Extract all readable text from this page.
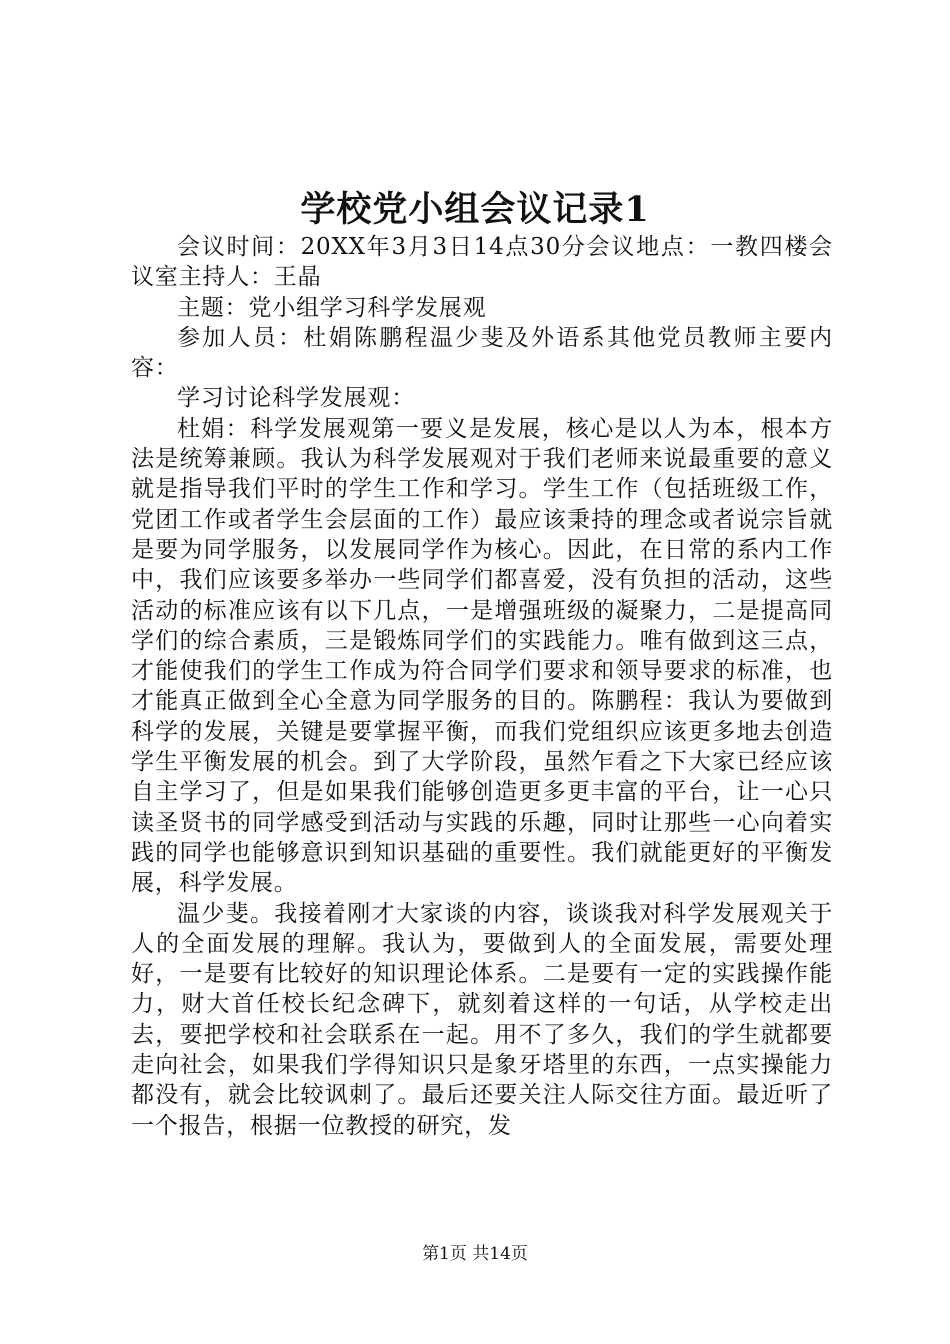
学校党小组会议记录1

会议时间：20XX年3月3日14点30分会议地点：一教四楼会议室主持人：王晶

主题：党小组学习科学发展观

参加人员：杜娟陈鹏程温少斐及外语系其他党员教师主要内容：

学习讨论科学发展观：

杜娟：科学发展观第一要义是发展，核心是以人为本，根本方法是统筹兼顾。我认为科学发展观对于我们老师来说最重要的意义就是指导我们平时的学生工作和学习。学生工作（包括班级工作，党团工作或者学生会层面的工作）最应该秉持的理念或者说宗旨就是要为同学服务，以发展同学作为核心。因此，在日常的系内工作中，我们应该要多举办一些同学们都喜爱，没有负担的活动，这些活动的标准应该有以下几点，一是增强班级的凝聚力，二是提高同学们的综合素质，三是锻炼同学们的实践能力。唯有做到这三点，才能使我们的学生工作成为符合同学们要求和领导要求的标准，也才能真正做到全心全意为同学服务的目的。陈鹏程：我认为要做到科学的发展，关键是要掌握平衡，而我们党组织应该更多地去创造学生平衡发展的机会。到了大学阶段，虽然乍看之下大家已经应该自主学习了，但是如果我们能够创造更多更丰富的平台，让一心只读圣贤书的同学感受到活动与实践的乐趣，同时让那些一心向着实践的同学也能够意识到知识基础的重要性。我们就能更好的平衡发展，科学发展。

温少斐。我接着刚才大家谈的内容，谈谈我对科学发展观关于人的全面发展的理解。我认为，要做到人的全面发展，需要处理好，一是要有比较好的知识理论体系。二是要有一定的实践操作能力，财大首任校长纪念碑下，就刻着这样的一句话，从学校走出去，要把学校和社会联系在一起。用不了多久，我们的学生就都要走向社会，如果我们学得知识只是象牙塔里的东西，一点实操能力都没有，就会比较讽刺了。最后还要关注人际交往方面。最近听了一个报告，根据一位教授的研究，发

第1页 共14页
